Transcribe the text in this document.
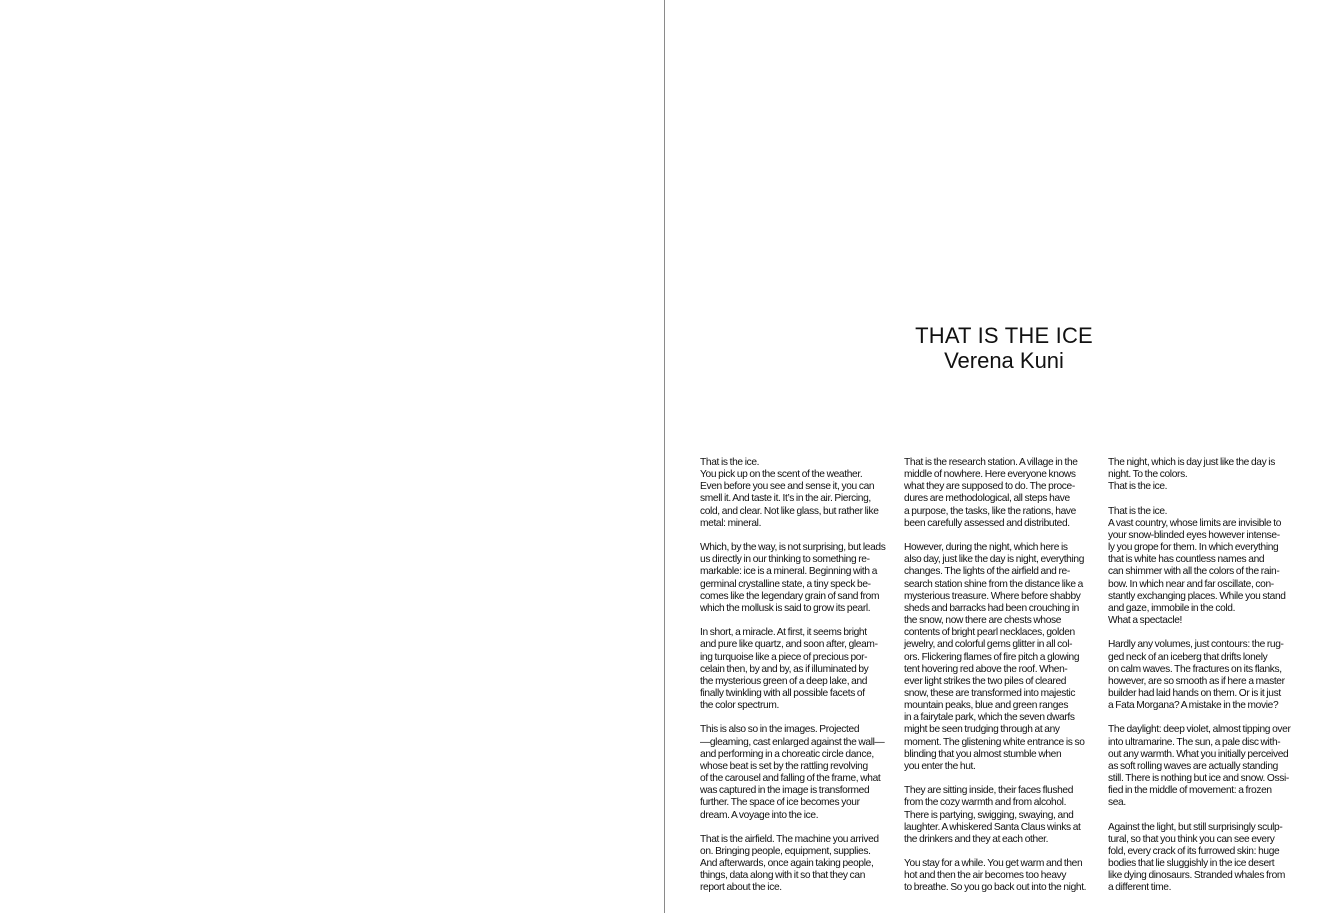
THAT IS THE ICE
Verena Kuni
That is the ice.
You pick up on the scent of the weather.
Even before you see and sense it, you can
smell it. And taste it. It’s in the air. Piercing,
cold, and clear. Not like glass, but rather like
metal: mineral.

Which, by the way, is not surprising, but leads
us directly in our thinking to something re-
markable: ice is a mineral. Beginning with a
germinal crystalline state, a tiny speck be-
comes like the legendary grain of sand from
which the mollusk is said to grow its pearl.

In short, a miracle. At first, it seems bright
and pure like quartz, and soon after, gleam-
ing turquoise like a piece of precious por-
celain then, by and by, as if illuminated by
the mysterious green of a deep lake, and
finally twinkling with all possible facets of
the color spectrum.

This is also so in the images. Projected
—gleaming, cast enlarged against the wall—
and performing in a choreatic circle dance,
whose beat is set by the rattling revolving
of the carousel and falling of the frame, what
was captured in the image is transformed
further. The space of ice becomes your
dream. A voyage into the ice.

That is the airfield. The machine you arrived
on. Bringing people, equipment, supplies.
And afterwards, once again taking people,
things, data along with it so that they can
report about the ice.
That is the research station. A village in the
middle of nowhere. Here everyone knows
what they are supposed to do. The proce-
dures are methodological, all steps have
a purpose, the tasks, like the rations, have
been carefully assessed and distributed.

However, during the night, which here is
also day, just like the day is night, everything
changes. The lights of the airfield and re-
search station shine from the distance like a
mysterious treasure. Where before shabby
sheds and barracks had been crouching in
the snow, now there are chests whose
contents of bright pearl necklaces, golden
jewelry, and colorful gems glitter in all col-
ors. Flickering flames of fire pitch a glowing
tent hovering red above the roof. When-
ever light strikes the two piles of cleared
snow, these are transformed into majestic
mountain peaks, blue and green ranges
in a fairytale park, which the seven dwarfs
might be seen trudging through at any
moment. The glistening white entrance is so
blinding that you almost stumble when
you enter the hut.

They are sitting inside, their faces flushed
from the cozy warmth and from alcohol.
There is partying, swigging, swaying, and
laughter. A whiskered Santa Claus winks at
the drinkers and they at each other.

You stay for a while. You get warm and then
hot and then the air becomes too heavy
to breathe. So you go back out into the night.
The night, which is day just like the day is
night. To the colors.
That is the ice.

That is the ice.
A vast country, whose limits are invisible to
your snow-blinded eyes however intense-
ly you grope for them. In which everything
that is white has countless names and
can shimmer with all the colors of the rain-
bow. In which near and far oscillate, con-
stantly exchanging places. While you stand
and gaze, immobile in the cold.
What a spectacle!

Hardly any volumes, just contours: the rug-
ged neck of an iceberg that drifts lonely
on calm waves. The fractures on its flanks,
however, are so smooth as if here a master
builder had laid hands on them. Or is it just
a Fata Morgana? A mistake in the movie?

The daylight: deep violet, almost tipping over
into ultramarine. The sun, a pale disc with-
out any warmth. What you initially perceived
as soft rolling waves are actually standing
still. There is nothing but ice and snow. Ossi-
fied in the middle of movement: a frozen
sea.

Against the light, but still surprisingly sculp-
tural, so that you think you can see every
fold, every crack of its furrowed skin: huge
bodies that lie sluggishly in the ice desert
like dying dinosaurs. Stranded whales from
a different time.
